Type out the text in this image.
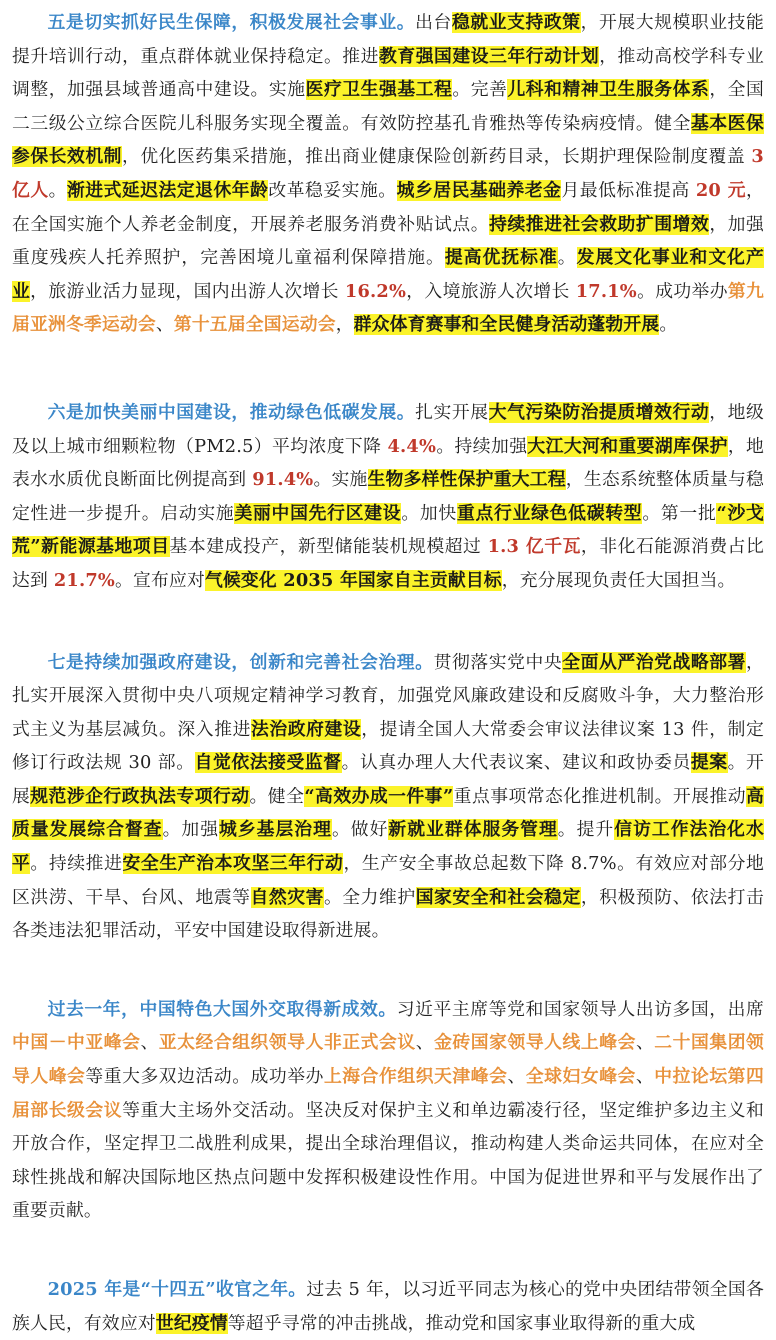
五是切实抓好民生保障，积极发展社会事业。出台稳就业支持政策，开展大规模职业技能提升培训行动，重点群体就业保持稳定。推进教育强国建设三年行动计划，推动高校学科专业调整，加强县域普通高中建设。实施医疗卫生强基工程。完善儿科和精神卫生服务体系，全国二三级公立综合医院儿科服务实现全覆盖。有效防控基孔肯雅热等传染病疫情。健全基本医保参保长效机制，优化医药集采措施，推出商业健康保险创新药目录，长期护理保险制度覆盖 3 亿人。渐进式延迟法定退休年龄改革稳妥实施。城乡居民基础养老金月最低标准提高 20 元，在全国实施个人养老金制度，开展养老服务消费补贴试点。持续推进社会救助扩围增效，加强重度残疾人托养照护，完善困境儿童福利保障措施。提高优抚标准。发展文化事业和文化产业，旅游业活力显现，国内出游人次增长 16.2%，入境旅游人次增长 17.1%。成功举办第九届亚洲冬季运动会、第十五届全国运动会，群众体育赛事和全民健身活动蓬勃开展。

六是加快美丽中国建设，推动绿色低碳发展。扎实开展大气污染防治提质增效行动，地级及以上城市细颗粒物（PM2.5）平均浓度下降 4.4%。持续加强大江大河和重要湖库保护，地表水水质优良断面比例提高到 91.4%。实施生物多样性保护重大工程，生态系统整体质量与稳定性进一步提升。启动实施美丽中国先行区建设。加快重点行业绿色低碳转型。第一批“沙戈荒”新能源基地项目基本建成投产，新型储能装机规模超过 1.3 亿千瓦，非化石能源消费占比达到 21.7%。宣布应对气候变化 2035 年国家自主贡献目标，充分展现负责任大国担当。

七是持续加强政府建设，创新和完善社会治理。贯彻落实党中央全面从严治党战略部署，扎实开展深入贯彻中央八项规定精神学习教育，加强党风廉政建设和反腐败斗争，大力整治形式主义为基层减负。深入推进法治政府建设，提请全国人大常委会审议法律议案 13 件，制定修订行政法规 30 部。自觉依法接受监督。认真办理人大代表议案、建议和政协委员提案。开展规范涉企行政执法专项行动。健全“高效办成一件事”重点事项常态化推进机制。开展推动高质量发展综合督查。加强城乡基层治理。做好新就业群体服务管理。提升信访工作法治化水平。持续推进安全生产治本攻坚三年行动，生产安全事故总起数下降 8.7%。有效应对部分地区洪涝、干旱、台风、地震等自然灾害。全力维护国家安全和社会稳定，积极预防、依法打击各类违法犯罪活动，平安中国建设取得新进展。

过去一年，中国特色大国外交取得新成效。习近平主席等党和国家领导人出访多国，出席中国－中亚峰会、亚太经合组织领导人非正式会议、金砖国家领导人线上峰会、二十国集团领导人峰会等重大多双边活动。成功举办上海合作组织天津峰会、全球妇女峰会、中拉论坛第四届部长级会议等重大主场外交活动。坚决反对保护主义和单边霸凌行径，坚定维护多边主义和开放合作，坚定捍卫二战胜利成果，提出全球治理倡议，推动构建人类命运共同体，在应对全球性挑战和解决国际地区热点问题中发挥积极建设性作用。中国为促进世界和平与发展作出了重要贡献。

2025 年是“十四五”收官之年。过去 5 年，以习近平同志为核心的党中央团结带领全国各族人民，有效应对世纪疫情等超乎寻常的冲击挑战，推动党和国家事业取得新的重大成
